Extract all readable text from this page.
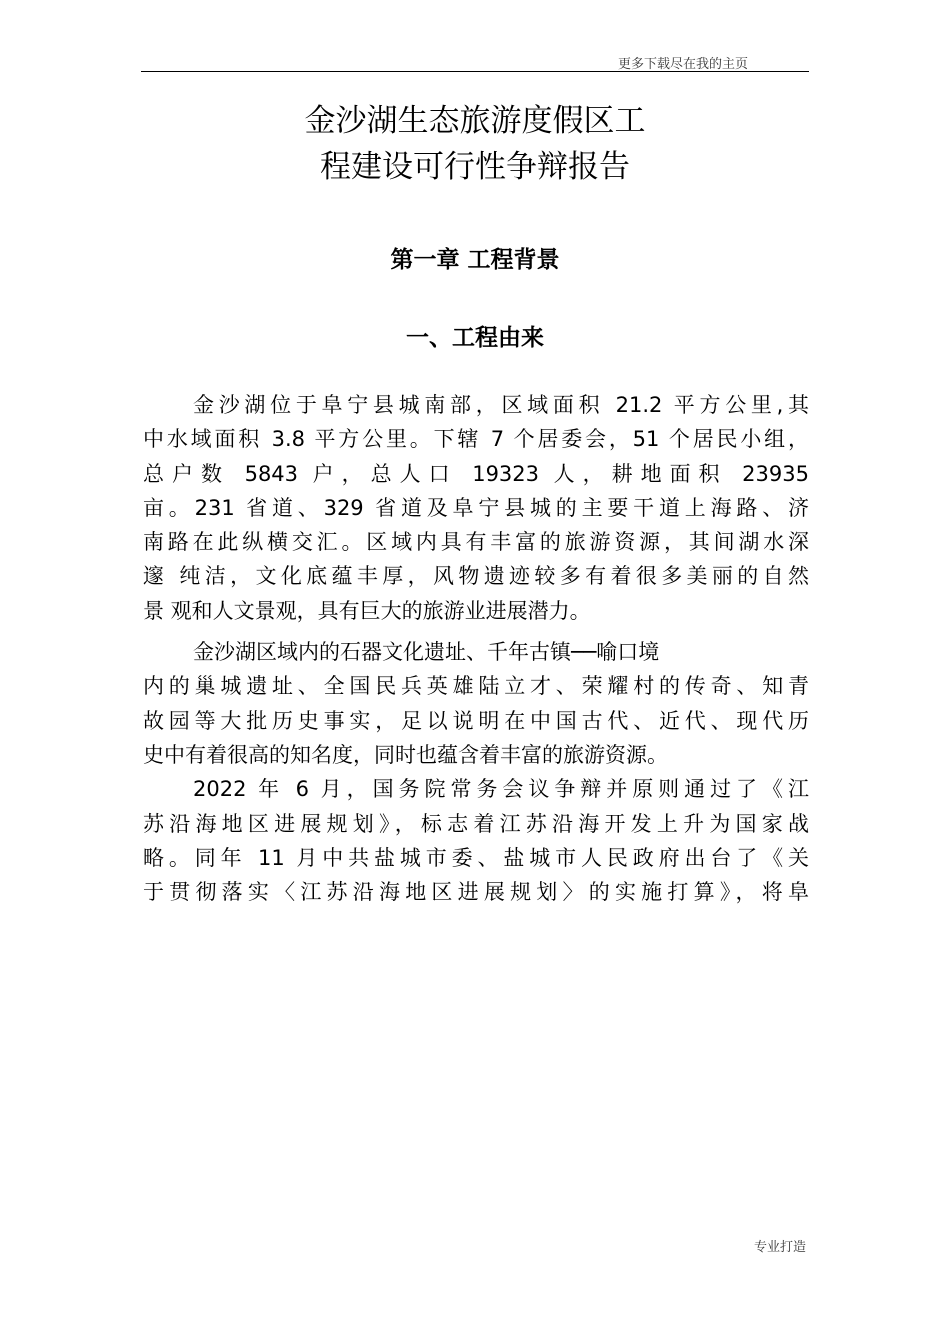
更多下载尽在我的主页
金沙湖生态旅游度假区工
程建设可行性争辩报告
第一章 工程背景
一、工程由来
金沙湖位于阜宁县城南部，区域面积 21.2 平方公里,其
中水域面积 3.8 平方公里。下辖 7 个居委会，51 个居民小组，
总户数 5843 户，总人口 19323 人，耕地面积 23935
亩。231 省道、329 省道及阜宁县城的主要干道上海路、济
南路在此纵横交汇。区域内具有丰富的旅游资源，其间湖水深
邃 纯洁，文化底蕴丰厚，风物遗迹较多有着很多美丽的自然
景 观和人文景观，具有巨大的旅游业进展潜力。
金沙湖区域内的石器文化遗址、千年古镇──喻口境
内的巢城遗址、全国民兵英雄陆立才、荣耀村的传奇、知青
故园等大批历史事实，足以说明在中国古代、近代、现代历
史中有着很高的知名度，同时也蕴含着丰富的旅游资源。
2022 年 6 月，国务院常务会议争辩并原则通过了《江
苏沿海地区进展规划》，标志着江苏沿海开发上升为国家战
略。同年 11 月中共盐城市委、盐城市人民政府出台了《关
于贯彻落实〈江苏沿海地区进展规划〉的实施打算》，将阜
专业打造
